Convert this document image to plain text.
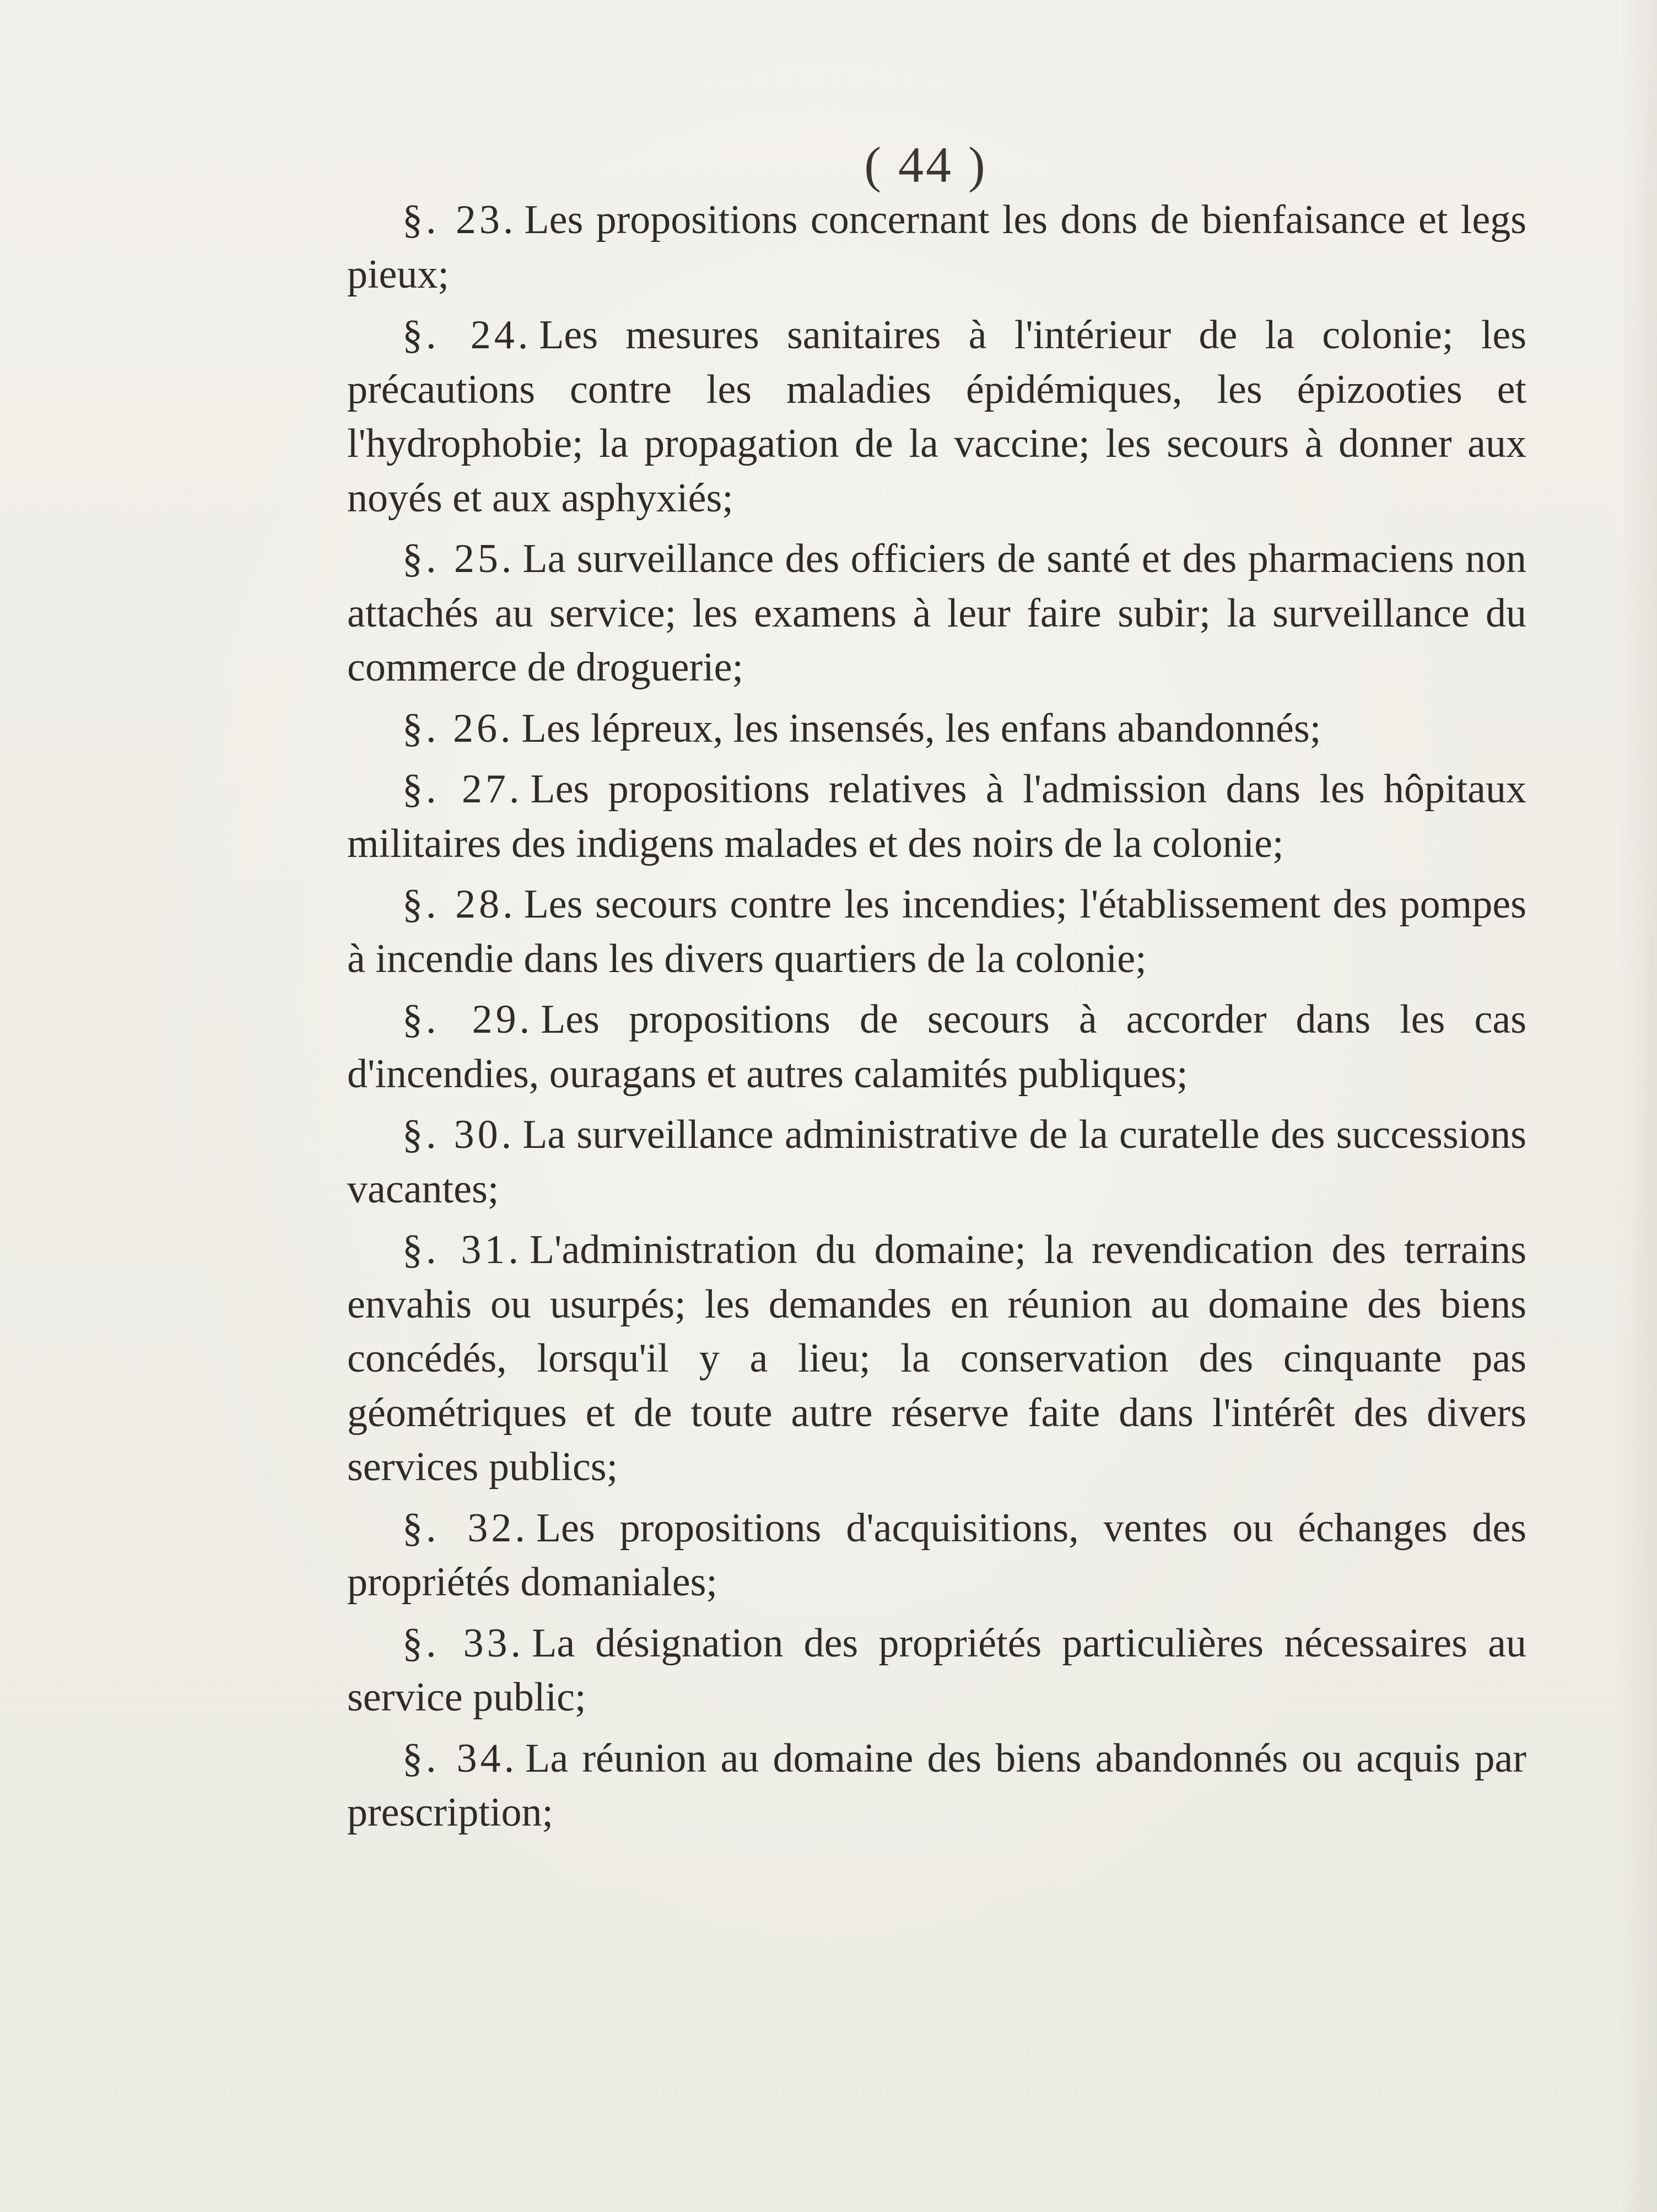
( 44 )

§. 23. Les propositions concernant les dons de bienfaisance et legs pieux;

§. 24. Les mesures sanitaires à l'intérieur de la colonie; les précautions contre les maladies épidémiques, les épizooties et l'hydrophobie; la propagation de la vaccine; les secours à donner aux noyés et aux asphyxiés;

§. 25. La surveillance des officiers de santé et des pharmaciens non attachés au service; les examens à leur faire subir; la surveillance du commerce de droguerie;

§. 26. Les lépreux, les insensés, les enfans abandonnés;

§. 27. Les propositions relatives à l'admission dans les hôpitaux militaires des indigens malades et des noirs de la colonie;

§. 28. Les secours contre les incendies; l'établissement des pompes à incendie dans les divers quartiers de la colonie;

§. 29. Les propositions de secours à accorder dans les cas d'incendies, ouragans et autres calamités publiques;

§. 30. La surveillance administrative de la curatelle des successions vacantes;

§. 31. L'administration du domaine; la revendication des terrains envahis ou usurpés; les demandes en réunion au domaine des biens concédés, lorsqu'il y a lieu; la conservation des cinquante pas géométriques et de toute autre réserve faite dans l'intérêt des divers services publics;

§. 32. Les propositions d'acquisitions, ventes ou échanges des propriétés domaniales;

§. 33. La désignation des propriétés particulières nécessaires au service public;

§. 34. La réunion au domaine des biens abandonnés ou acquis par prescription;
